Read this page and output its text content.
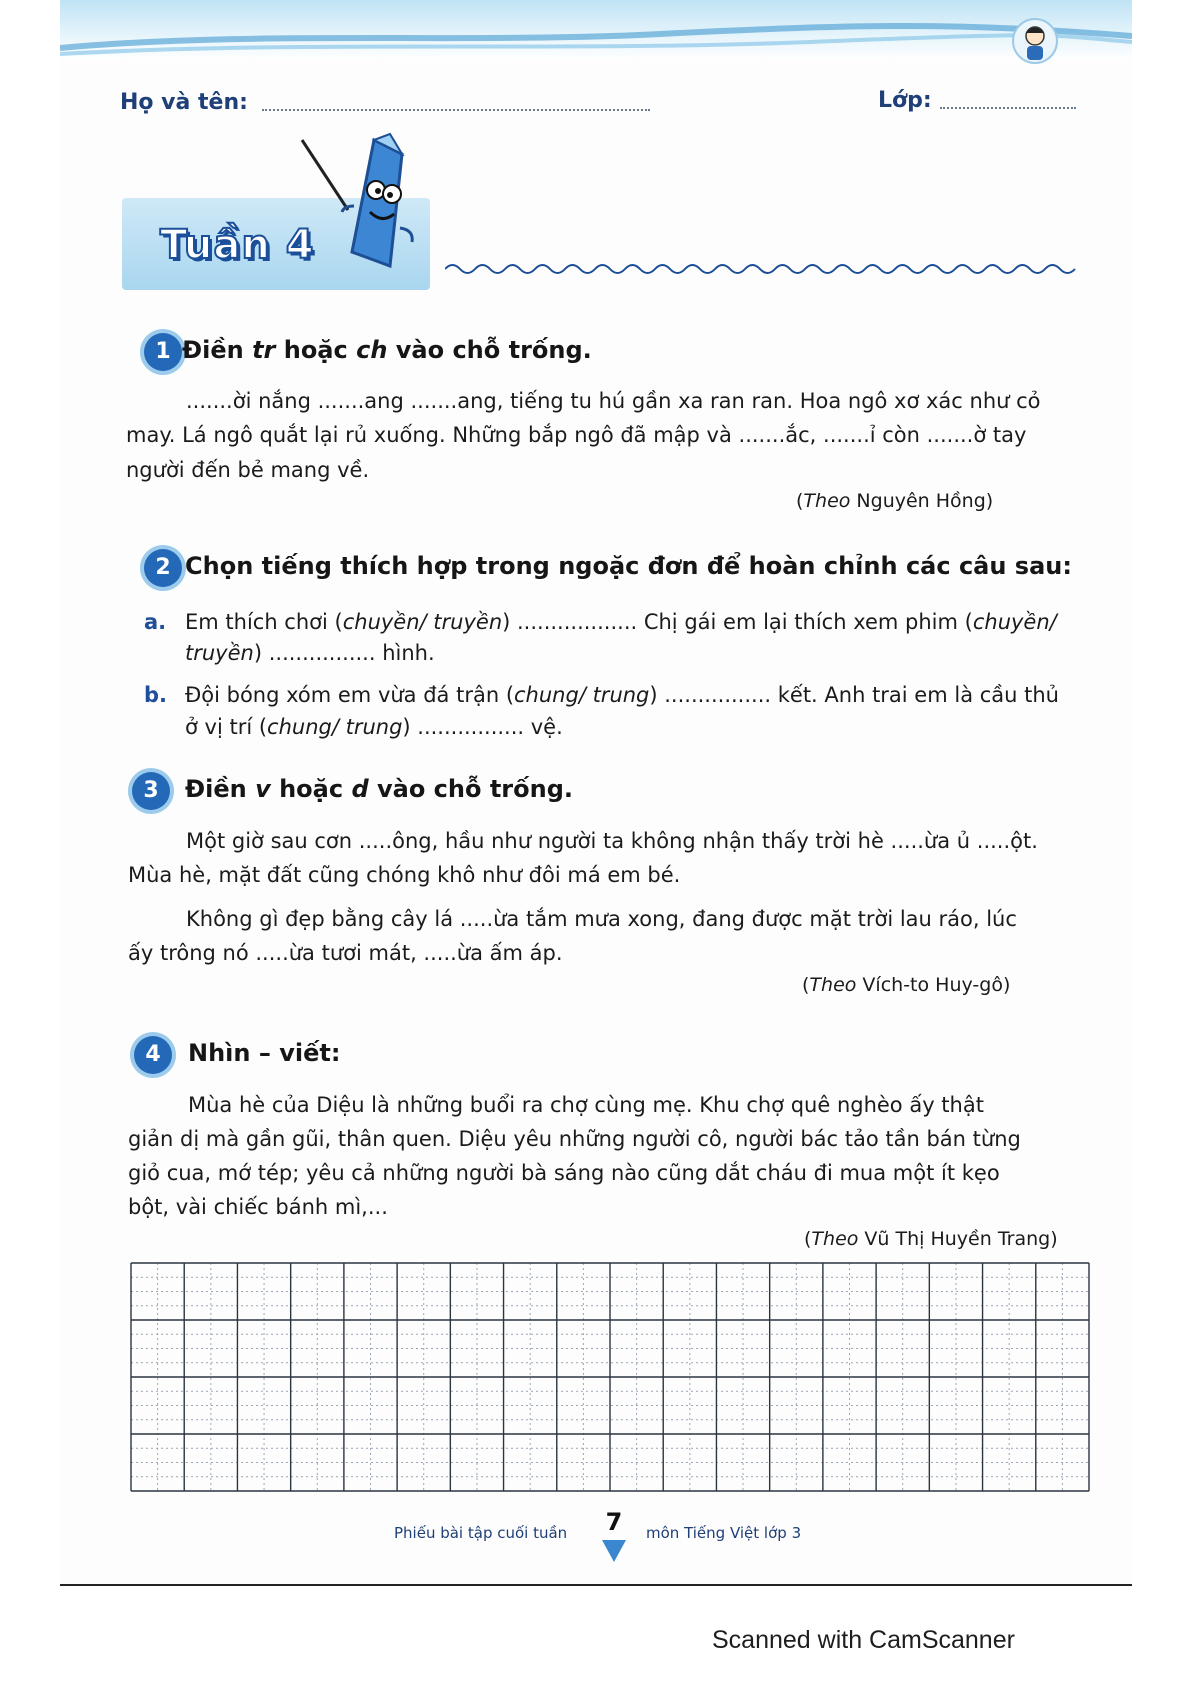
Họ và tên:	Lớp:
Tuần 4
1 Điền tr hoặc ch vào chỗ trống.
.......ời nắng .......ang .......ang, tiếng tu hú gần xa ran ran. Hoa ngô xơ xác như cỏ
may. Lá ngô quắt lại rủ xuống. Những bắp ngô đã mập và .......ắc, .......ỉ còn .......ờ tay
người đến bẻ mang về.
(Theo Nguyên Hồng)
2 Chọn tiếng thích hợp trong ngoặc đơn để hoàn chỉnh các câu sau:
a. Em thích chơi (chuyền/ truyền) .................. Chị gái em lại thích xem phim (chuyền/
truyền) ................ hình.
b. Đội bóng xóm em vừa đá trận (chung/ trung) ................ kết. Anh trai em là cầu thủ
ở vị trí (chung/ trung) ................ vệ.
3	Điền v hoặc d vào chỗ trống.
Một giờ sau cơn .....ông, hầu như người ta không nhận thấy trời hè .....ừa ủ .....ột.
Mùa hè, mặt đất cũng chóng khô như đôi má em bé.
Không gì đẹp bằng cây lá .....ừa tắm mưa xong, đang được mặt trời lau ráo, lúc
ấy trông nó .....ừa tươi mát, .....ừa ấm áp.
(Theo Vích-to Huy-gô)
4	Nhìn – viết:
Mùa hè của Diệu là những buổi ra chợ cùng mẹ. Khu chợ quê nghèo ấy thật
giản dị mà gần gũi, thân quen. Diệu yêu những người cô, người bác tảo tần bán từng
giỏ cua, mớ tép; yêu cả những người bà sáng nào cũng dắt cháu đi mua một ít kẹo
bột, vài chiếc bánh mì,...
(Theo Vũ Thị Huyền Trang)
Phiếu bài tập cuối tuần	7	môn Tiếng Việt lớp 3
Scanned with CamScanner
